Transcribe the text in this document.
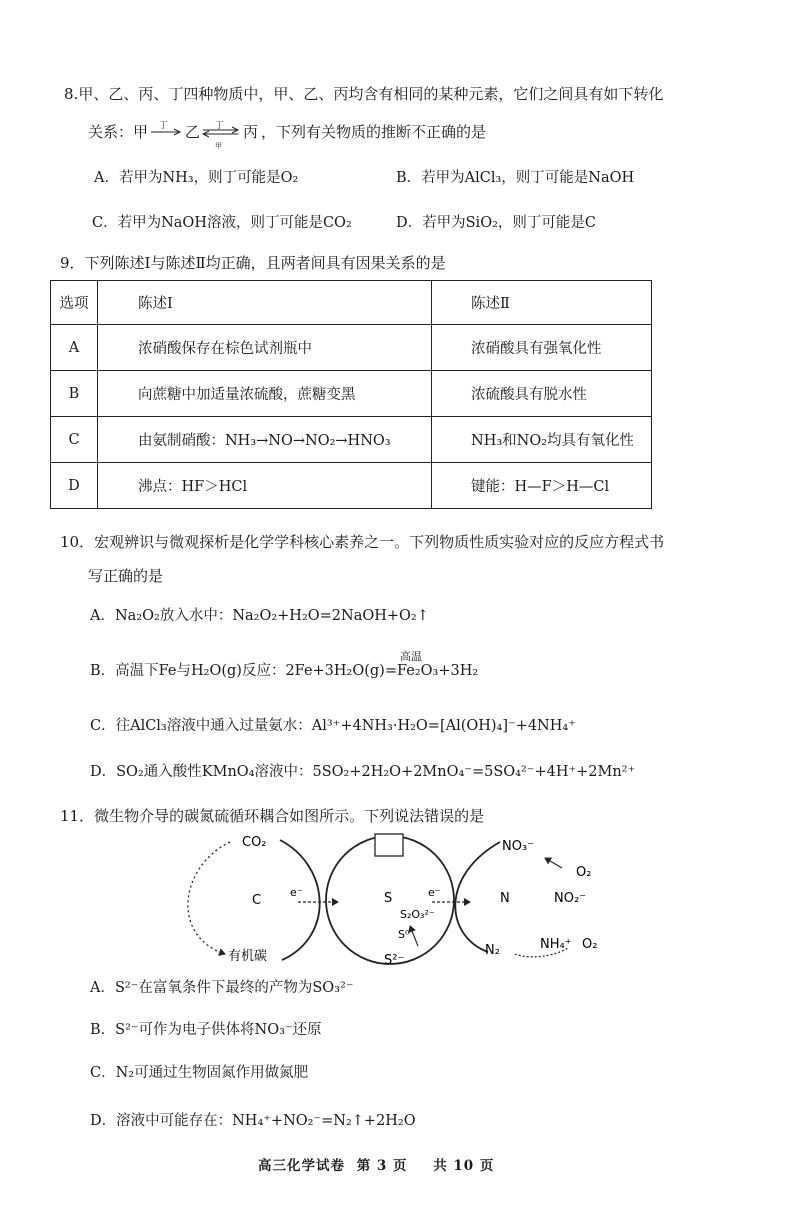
8.甲、乙、丙、丁四种物质中，甲、乙、丙均含有相同的某种元素，它们之间具有如下转化
关系： 甲 丁 乙 丁
甲
丙 ，下列有关物质的推断不正确的是
A．若甲为NH₃，则丁可能是O₂	B．若甲为AlCl₃，则丁可能是NaOH
C．若甲为NaOH溶液，则丁可能是CO₂	D．若甲为SiO₂，则丁可能是C
9．下列陈述Ⅰ与陈述Ⅱ均正确，且两者间具有因果关系的是
选项	陈述Ⅰ	陈述Ⅱ
A	浓硝酸保存在棕色试剂瓶中	浓硝酸具有强氧化性
B	向蔗糖中加适量浓硫酸，蔗糖变黑	浓硫酸具有脱水性
C	由氨制硝酸：NH₃→NO→NO₂→HNO₃	NH₃和NO₂均具有氧化性
D	沸点：HF＞HCl	键能：H—F＞H—Cl
10．宏观辨识与微观探析是化学学科核心素养之一。下列物质性质实验对应的反应方程式书
写正确的是
A．Na₂O₂放入水中：Na₂O₂+H₂O=2NaOH+O₂↑
B．高温下Fe与H₂O(g)反应：2Fe+3H₂O(g)=Fe₂O₃+3H₂
高温
C．往AlCl₃溶液中通入过量氨水：Al³⁺+4NH₃·H₂O=[Al(OH)₄]⁻+4NH₄⁺
D．SO₂通入酸性KMnO₄溶液中：5SO₂+2H₂O+2MnO₄⁻=5SO₄²⁻+4H⁺+2Mn²⁺
11．微生物介导的碳氮硫循环耦合如图所示。下列说法错误的是
CO₂
C
有机碳
e⁻	S
S₂O₃²⁻
S⁰
S²⁻
e⁻	N
NO₃⁻
O₂
NO₂⁻
N₂	NH₄⁺ O₂
A．S²⁻在富氧条件下最终的产物为SO₃²⁻
B．S²⁻可作为电子供体将NO₃⁻还原
C．N₂可通过生物固氮作用做氮肥
D．溶液中可能存在：NH₄⁺+NO₂⁻=N₂↑+2H₂O
高三化学试卷 第 3 页 共 10 页
